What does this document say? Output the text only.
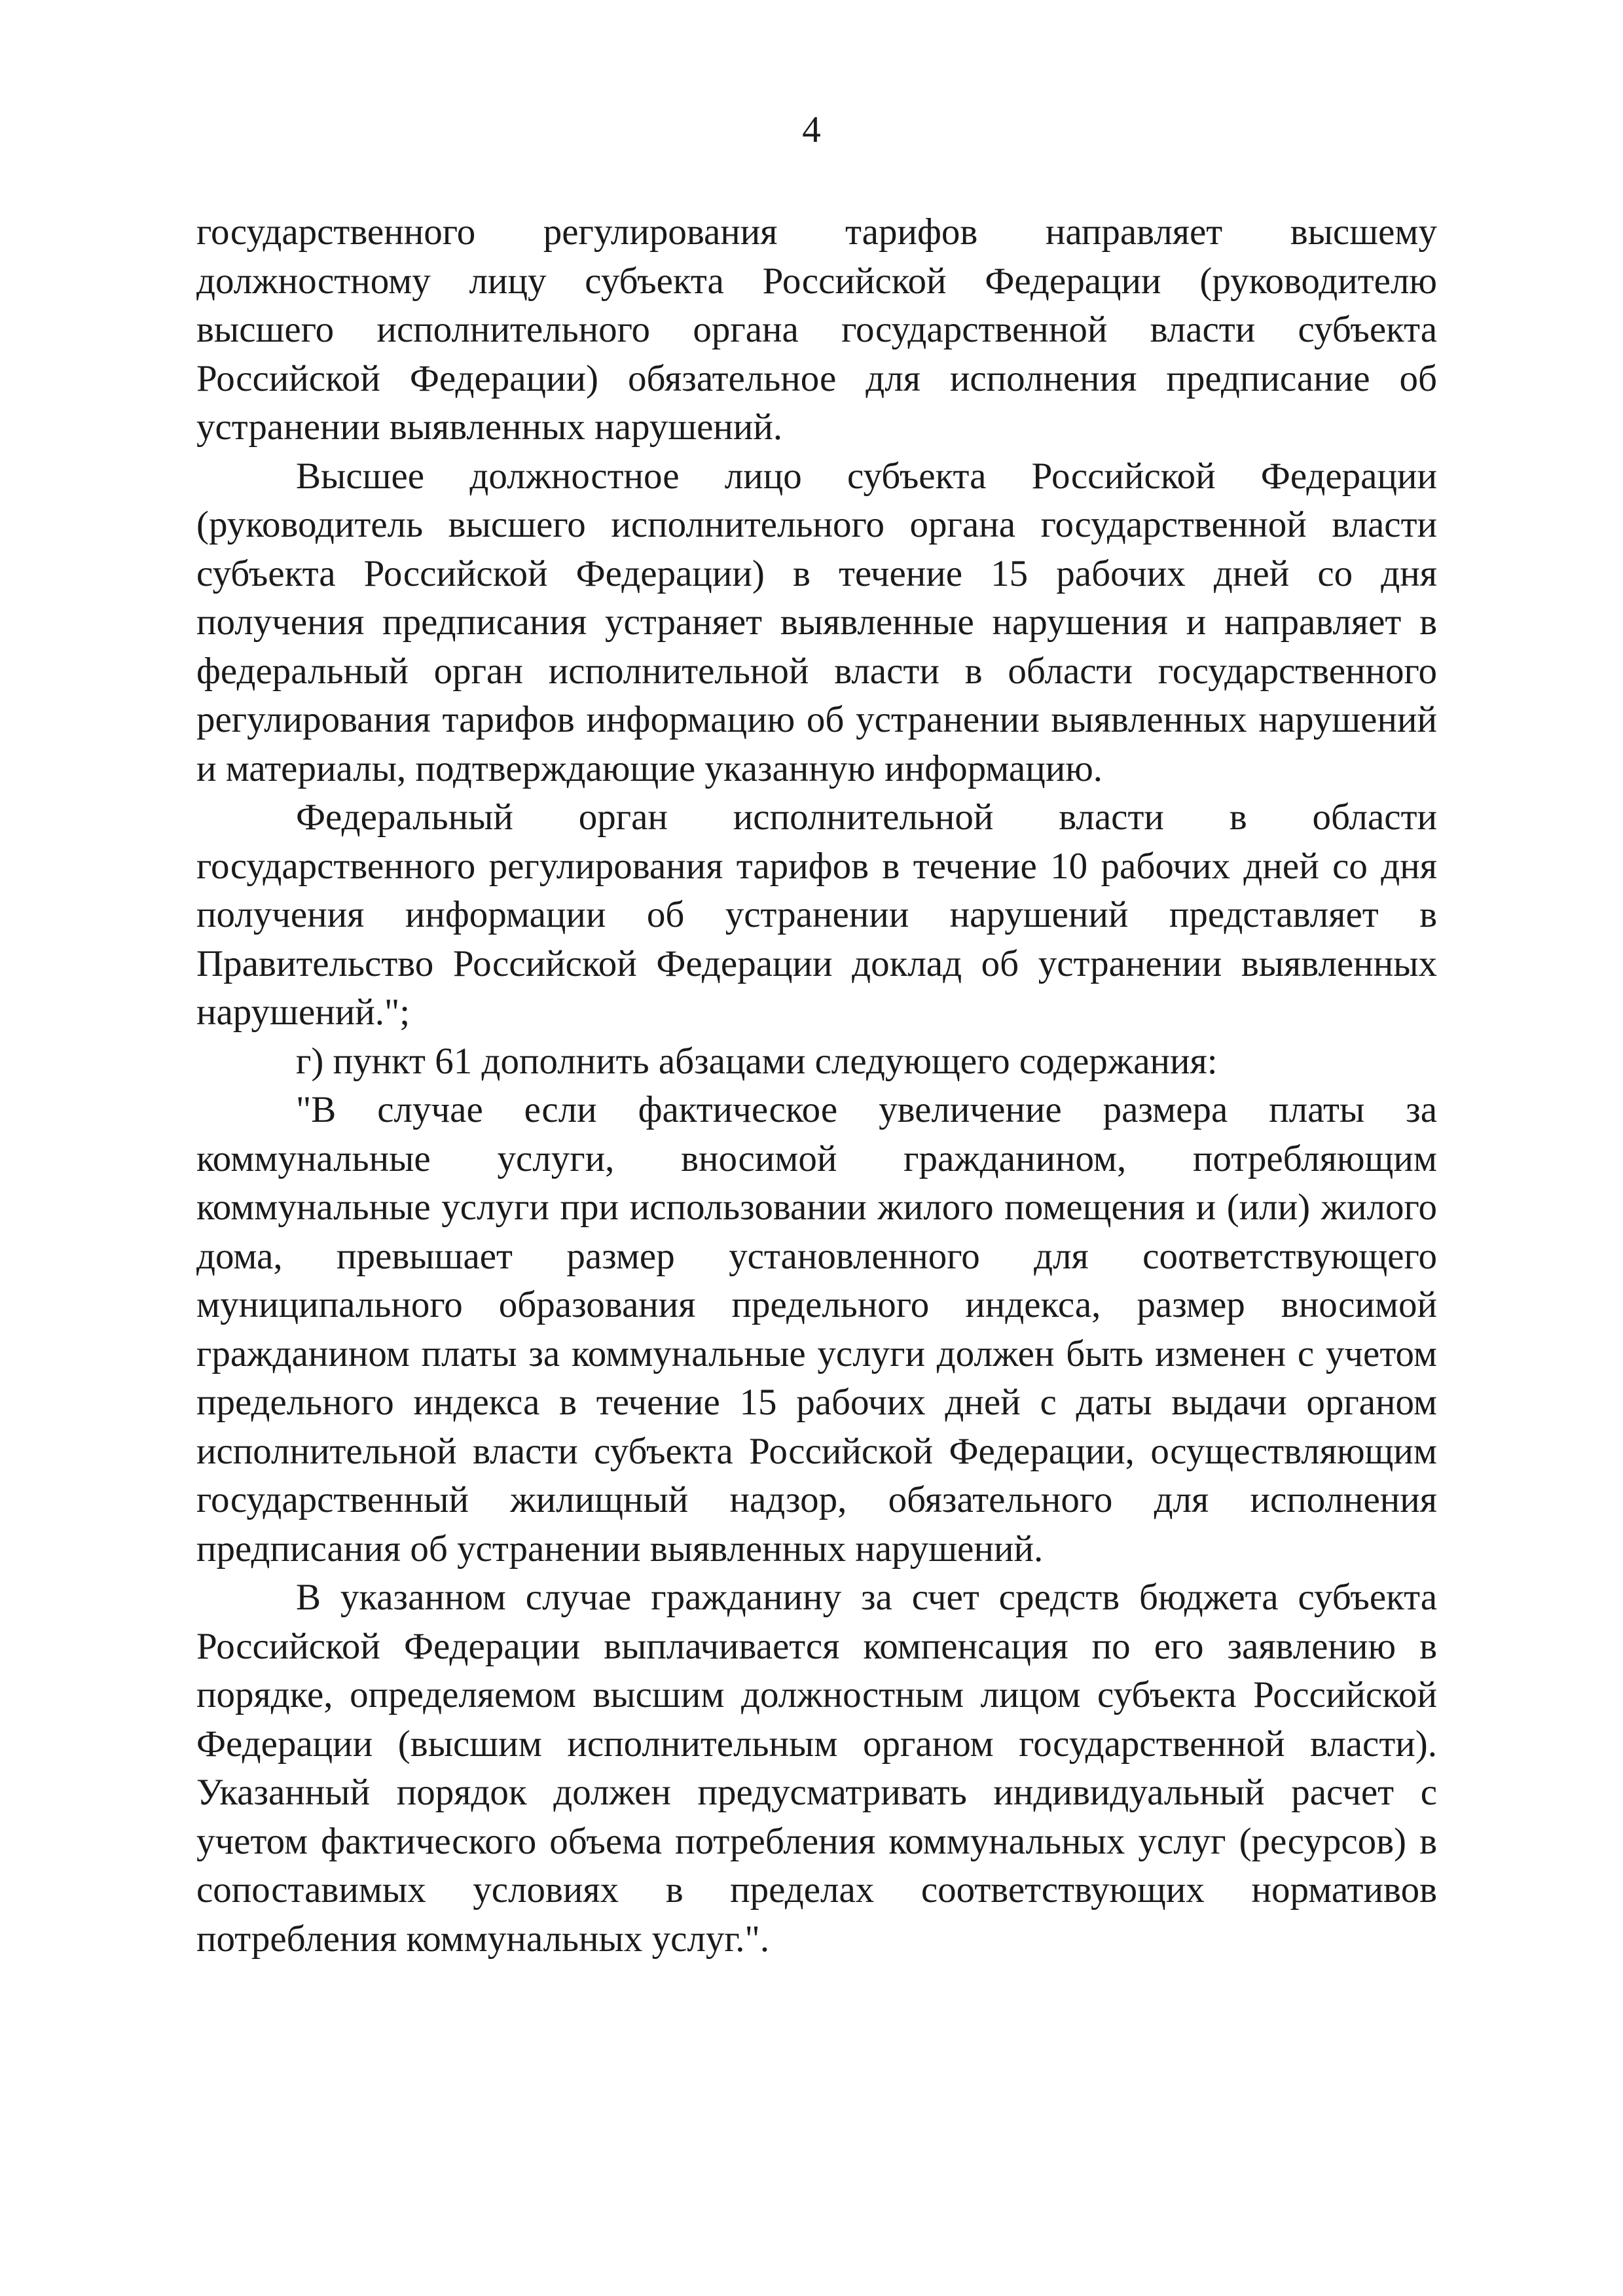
4

государственного регулирования тарифов направляет высшему должностному лицу субъекта Российской Федерации (руководителю высшего исполнительного органа государственной власти субъекта Российской Федерации) обязательное для исполнения предписание об устранении выявленных нарушений.

Высшее должностное лицо субъекта Российской Федерации (руководитель высшего исполнительного органа государственной власти субъекта Российской Федерации) в течение 15 рабочих дней со дня получения предписания устраняет выявленные нарушения и направляет в федеральный орган исполнительной власти в области государственного регулирования тарифов информацию об устранении выявленных нарушений и материалы, подтверждающие указанную информацию.

Федеральный орган исполнительной власти в области государственного регулирования тарифов в течение 10 рабочих дней со дня получения информации об устранении нарушений представляет в Правительство Российской Федерации доклад об устранении выявленных нарушений.";

г) пункт 61 дополнить абзацами следующего содержания:

"В случае если фактическое увеличение размера платы за коммунальные услуги, вносимой гражданином, потребляющим коммунальные услуги при использовании жилого помещения и (или) жилого дома, превышает размер установленного для соответствующего муниципального образования предельного индекса, размер вносимой гражданином платы за коммунальные услуги должен быть изменен с учетом предельного индекса в течение 15 рабочих дней с даты выдачи органом исполнительной власти субъекта Российской Федерации, осуществляющим государственный жилищный надзор, обязательного для исполнения предписания об устранении выявленных нарушений.

В указанном случае гражданину за счет средств бюджета субъекта Российской Федерации выплачивается компенсация по его заявлению в порядке, определяемом высшим должностным лицом субъекта Российской Федерации (высшим исполнительным органом государственной власти). Указанный порядок должен предусматривать индивидуальный расчет с учетом фактического объема потребления коммунальных услуг (ресурсов) в сопоставимых условиях в пределах соответствующих нормативов потребления коммунальных услуг.".
